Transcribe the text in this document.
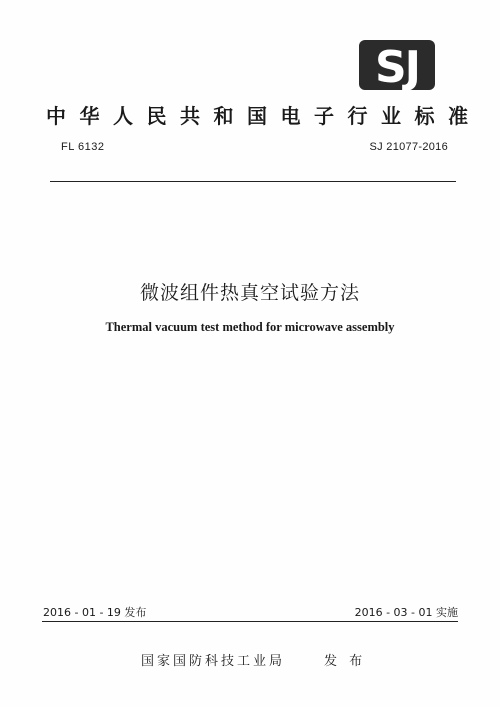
SJ
中华人民共和国电子行业标准
FL 6132	SJ 21077-2016
微波组件热真空试验方法
Thermal vacuum test method for microwave assembly
2016 - 01 - 19 发布	2016 - 03 - 01 实施
国家国防科技工业局	发 布
